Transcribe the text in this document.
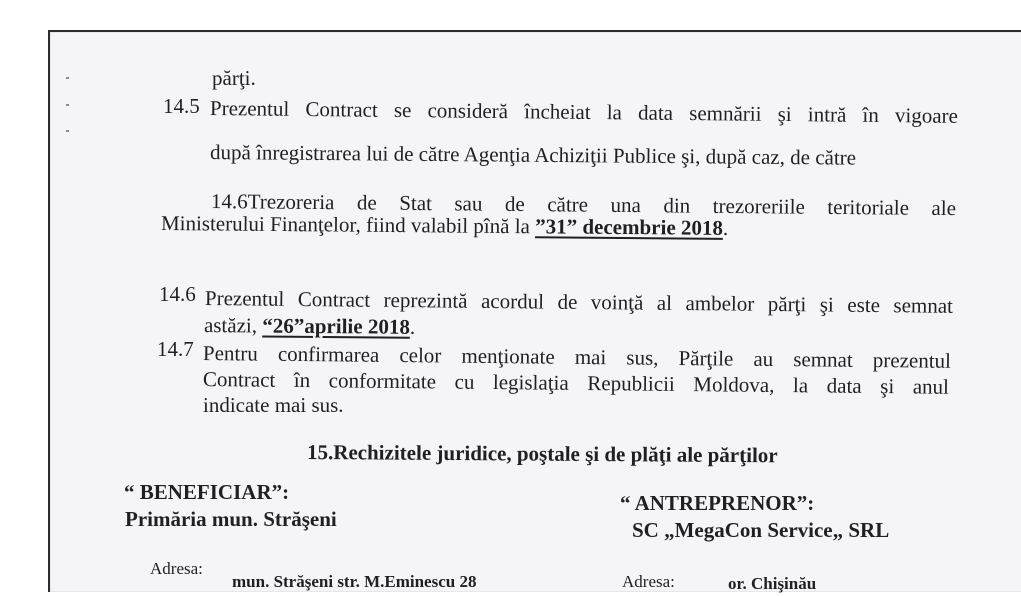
părţi.
14.5 Prezentul Contract se consideră încheiat la data semnării şi intră în vigoare
după înregistrarea lui de către Agenţia Achiziţii Publice şi, după caz, de către
14.6Trezoreria de Stat sau de către una din trezoreriile teritoriale ale
Ministerului Finanţelor, fiind valabil pînă la ”31” decembrie 2018.
14.6 Prezentul Contract reprezintă acordul de voinţă al ambelor părţi şi este semnat
astăzi, “26”aprilie 2018.
14.7 Pentru confirmarea celor menţionate mai sus, Părţile au semnat prezentul
Contract în conformitate cu legislaţia Republicii Moldova, la data şi anul
indicate mai sus.
15.Rechizitele juridice, poştale şi de plăţi ale părţilor
“ BENEFICIAR”:
Primăria mun. Străşeni
“ ANTREPRENOR”:
SC „MegaCon Service„ SRL
Adresa:
mun. Străşeni str. M.Eminescu 28	Adresa:	or. Chişinău
